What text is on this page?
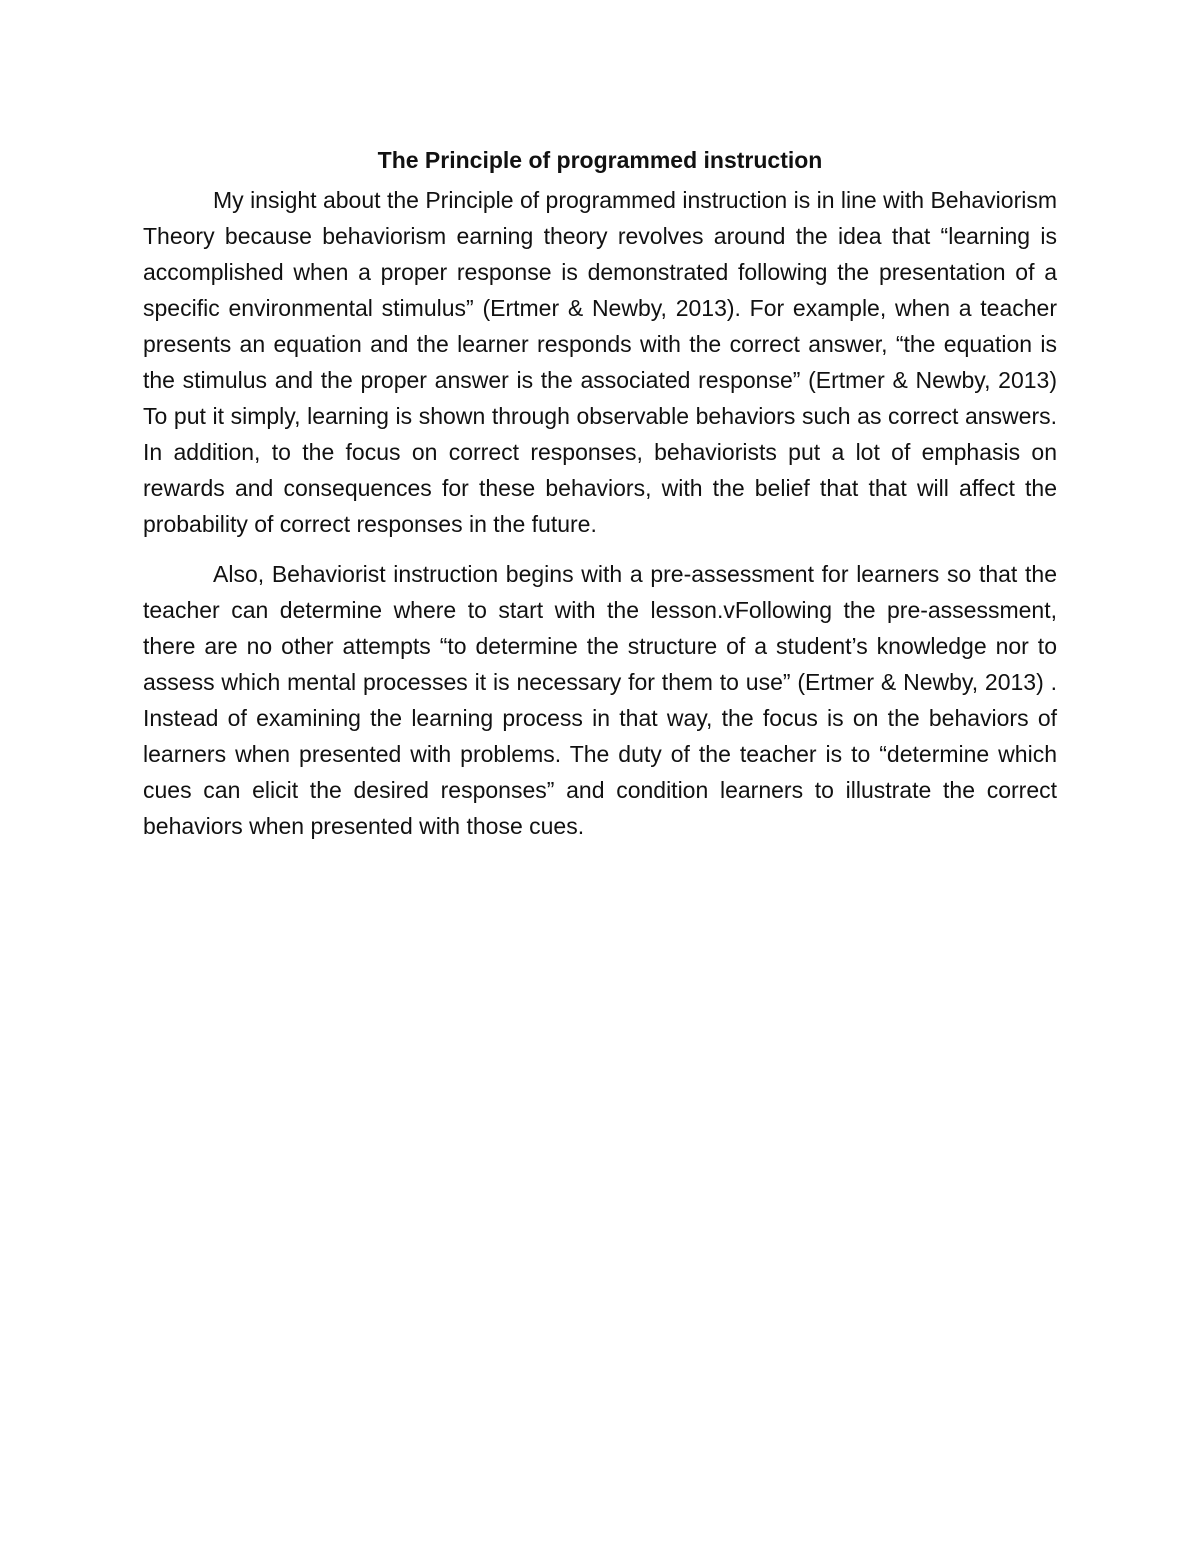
The Principle of programmed instruction

My insight about the Principle of programmed instruction is in line with Behaviorism Theory because behaviorism earning theory revolves around the idea that “learning is accomplished when a proper response is demonstrated following the presentation of a specific environmental stimulus” (Ertmer & Newby, 2013). For example, when a teacher presents an equation and the learner responds with the correct answer, “the equation is the stimulus and the proper answer is the associated response” (Ertmer & Newby, 2013) To put it simply, learning is shown through observable behaviors such as correct answers. In addition, to the focus on correct responses, behaviorists put a lot of emphasis on rewards and consequences for these behaviors, with the belief that that will affect the probability of correct responses in the future.

Also, Behaviorist instruction begins with a pre-assessment for learners so that the teacher can determine where to start with the lesson.vFollowing the pre-assessment, there are no other attempts “to determine the structure of a student’s knowledge nor to assess which mental processes it is necessary for them to use” (Ertmer & Newby, 2013) . Instead of examining the learning process in that way, the focus is on the behaviors of learners when presented with problems. The duty of the teacher is to “determine which cues can elicit the desired responses” and condition learners to illustrate the correct behaviors when presented with those cues.
